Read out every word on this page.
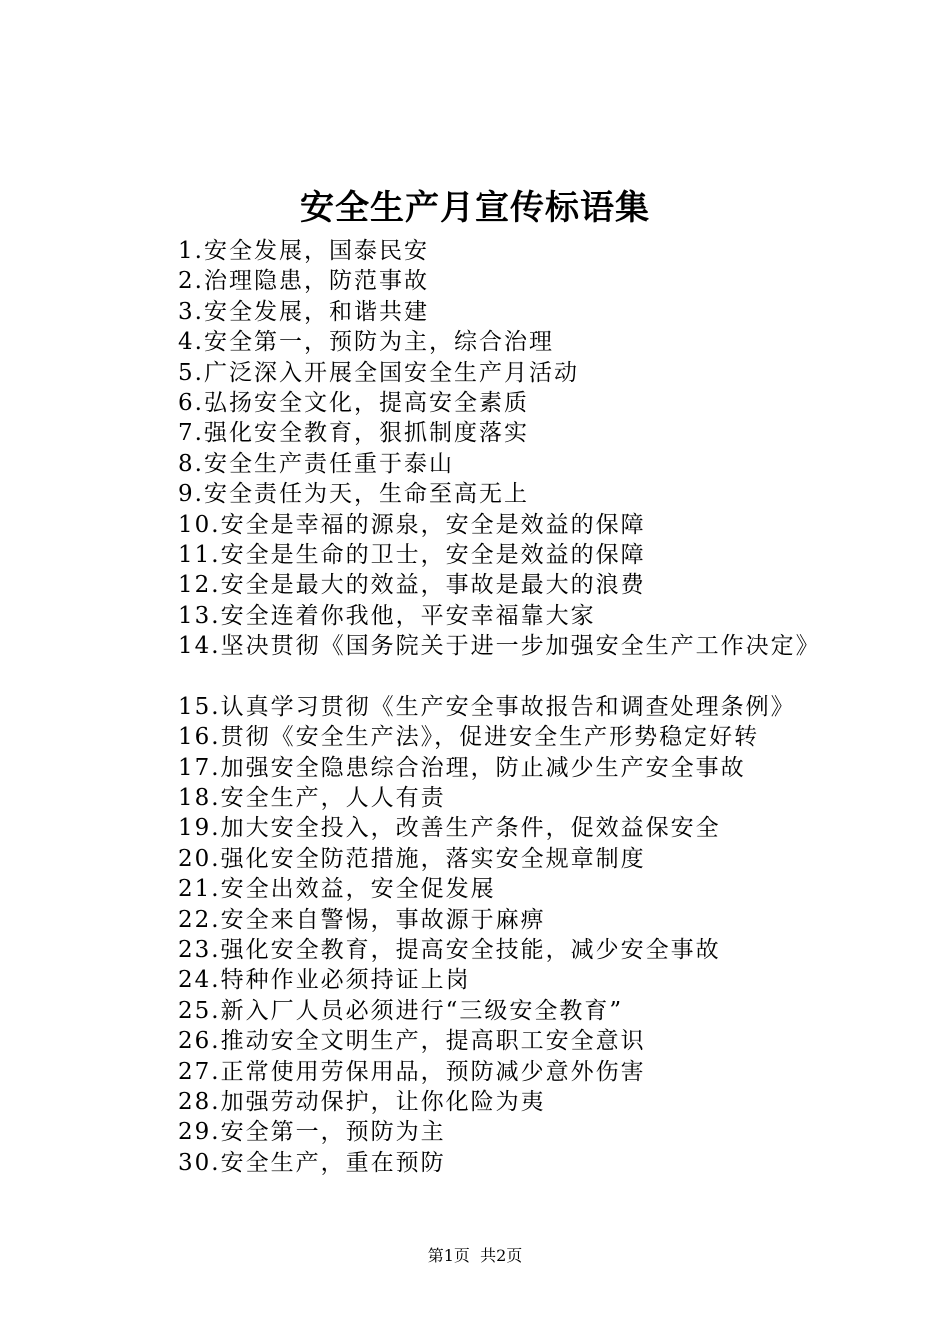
安全生产月宣传标语集
1.安全发展，国泰民安
2.治理隐患，防范事故
3.安全发展，和谐共建
4.安全第一，预防为主，综合治理
5.广泛深入开展全国安全生产月活动
6.弘扬安全文化，提高安全素质
7.强化安全教育，狠抓制度落实
8.安全生产责任重于泰山
9.安全责任为天，生命至高无上
10.安全是幸福的源泉，安全是效益的保障
11.安全是生命的卫士，安全是效益的保障
12.安全是最大的效益，事故是最大的浪费
13.安全连着你我他，平安幸福靠大家
14.坚决贯彻《国务院关于进一步加强安全生产工作决定》
15.认真学习贯彻《生产安全事故报告和调查处理条例》
16.贯彻《安全生产法》，促进安全生产形势稳定好转
17.加强安全隐患综合治理，防止减少生产安全事故
18.安全生产，人人有责
19.加大安全投入，改善生产条件，促效益保安全
20.强化安全防范措施，落实安全规章制度
21.安全出效益，安全促发展
22.安全来自警惕，事故源于麻痹
23.强化安全教育，提高安全技能，减少安全事故
24.特种作业必须持证上岗
25.新入厂人员必须进行“三级安全教育”
26.推动安全文明生产，提高职工安全意识
27.正常使用劳保用品，预防减少意外伤害
28.加强劳动保护，让你化险为夷
29.安全第一，预防为主
30.安全生产，重在预防
第1页  共2页
